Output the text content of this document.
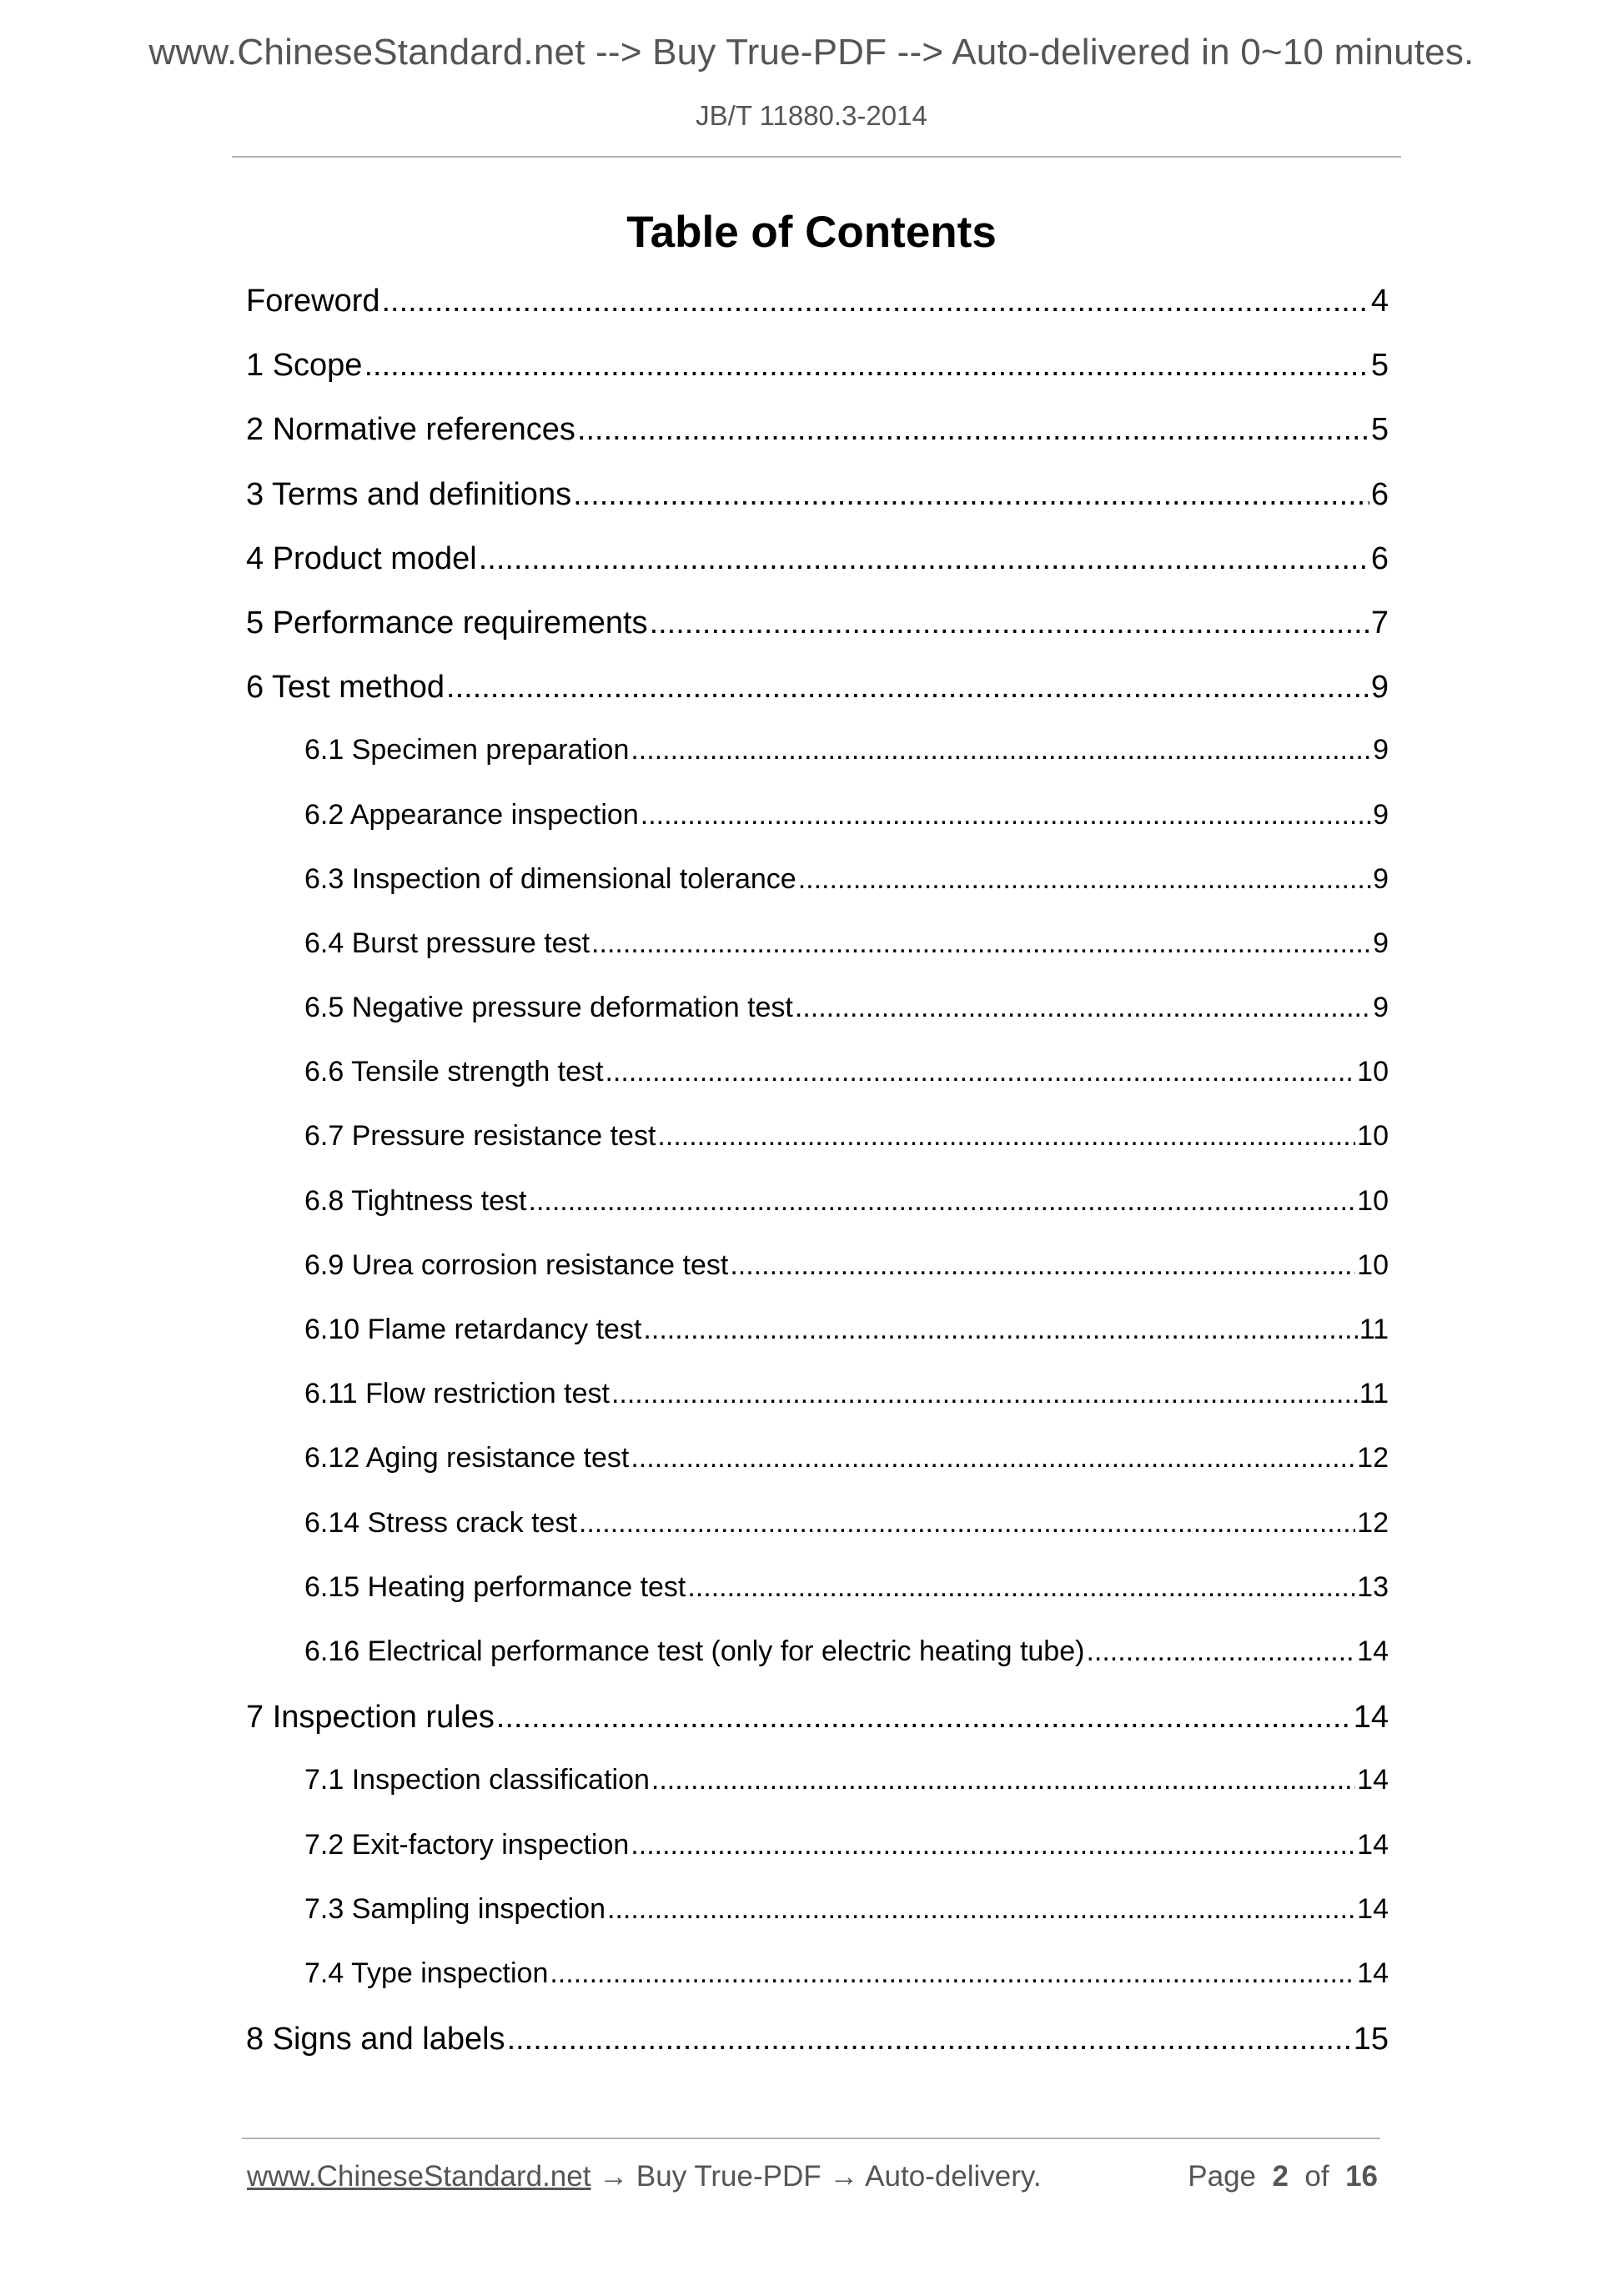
www.ChineseStandard.net --> Buy True-PDF --> Auto-delivered in 0~10 minutes.
JB/T 11880.3-2014
Table of Contents
Foreword .....	4
1 Scope .....	5
2 Normative references .....	5
3 Terms and definitions .....	6
4 Product model .....	6
5 Performance requirements .....	7
6 Test method .....	9
6.1 Specimen preparation .....	9
6.2 Appearance inspection .....	9
6.3 Inspection of dimensional tolerance .....	9
6.4 Burst pressure test .....	9
6.5 Negative pressure deformation test .....	9
6.6 Tensile strength test .....	10
6.7 Pressure resistance test .....	10
6.8 Tightness test .....	10
6.9 Urea corrosion resistance test .....	10
6.10 Flame retardancy test .....	11
6.11 Flow restriction test .....	11
6.12 Aging resistance test .....	12
6.14 Stress crack test .....	12
6.15 Heating performance test .....	13
6.16 Electrical performance test (only for electric heating tube) .....	14
7 Inspection rules .....	14
7.1 Inspection classification .....	14
7.2 Exit-factory inspection .....	14
7.3 Sampling inspection .....	14
7.4 Type inspection .....	14
8 Signs and labels .....	15
www.ChineseStandard.net → Buy True-PDF → Auto-delivery.	Page 2 of 16
